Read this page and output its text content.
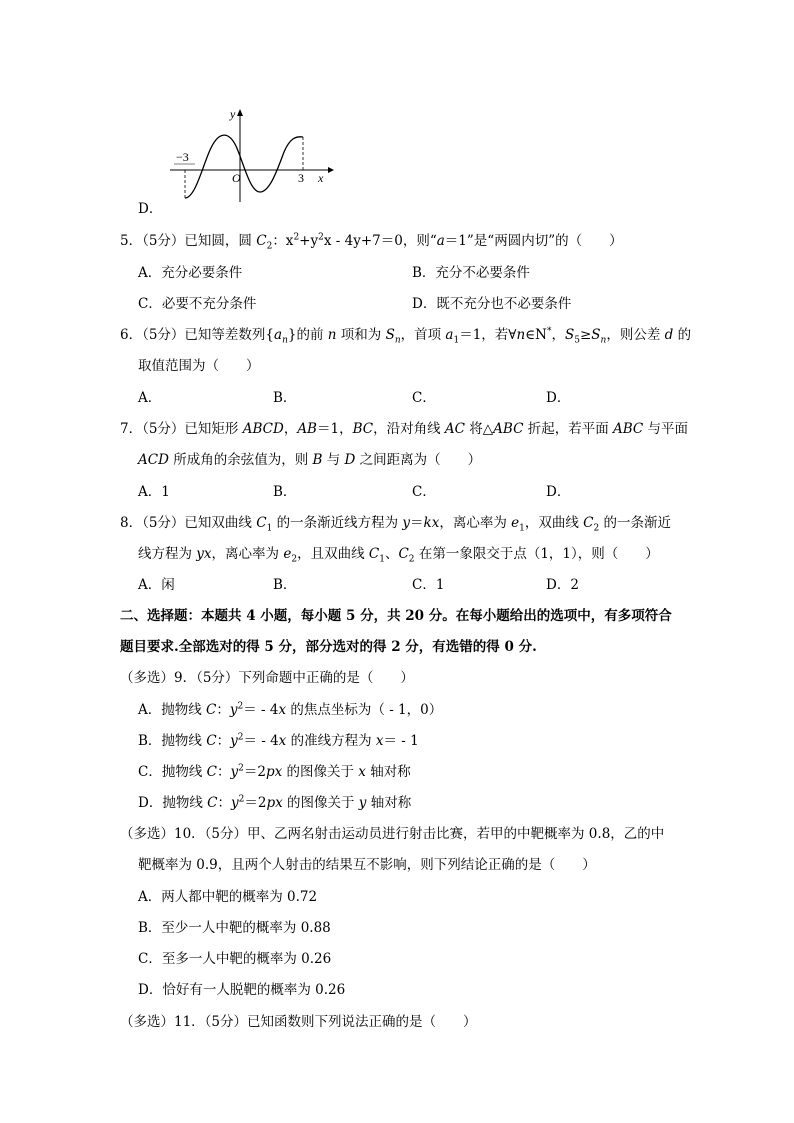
−3
O	3 x
y
D．
5．（5分）已知圆，圆 $C_2$：$x^2+y^2x - 4y+7=0$，则“a＝1”是“两圆内切”的（　　）
A．充分必要条件	B．充分不必要条件
C．必要不充分条件	D．既不充分也不必要条件
6．（5分）已知等差数列$\{a_n\}$的前 n 项和为 $S_n$，首项 $a_1=1$，若∀n∈N*，$S_5\ge S_n$，则公差 d 的
取值范围为（　　）
A．	B．	C．	D．
7．（5分）已知矩形 ABCD，AB＝1，BC，沿对角线 AC 将△ABC 折起，若平面 ABC 与平面
ACD 所成角的余弦值为，则 B 与 D 之间距离为（　　）
A．1	B．	C．	D．
8．（5分）已知双曲线 $C_1$ 的一条渐近线方程为 y＝kx，离心率为 $e_1$，双曲线 $C_2$ 的一条渐近
线方程为 yx，离心率为 $e_2$，且双曲线 $C_1$、$C_2$ 在第一象限交于点（1，1），则（　　）
A．闲	B．	C．1	D．2
二、选择题：本题共 4 小题，每小题 5 分，共 20 分。在每小题给出的选项中，有多项符合
题目要求.全部选对的得 5 分，部分选对的得 2 分，有选错的得 0 分.
（多选）9．（5分）下列命题中正确的是（　　）
A．抛物线 C：$y^2= - 4x$ 的焦点坐标为（ - 1，0）
B．抛物线 C：$y^2= - 4x$ 的准线方程为 x＝ - 1
C．抛物线 C：$y^2=2px$ 的图像关于 x 轴对称
D．抛物线 C：$y^2=2px$ 的图像关于 y 轴对称
（多选）10．（5分）甲、乙两名射击运动员进行射击比赛，若甲的中靶概率为 0.8，乙的中
靶概率为 0.9，且两个人射击的结果互不影响，则下列结论正确的是（　　）
A．两人都中靶的概率为 0.72
B．至少一人中靶的概率为 0.88
C．至多一人中靶的概率为 0.26
D．恰好有一人脱靶的概率为 0.26
（多选）11．（5分）已知函数则下列说法正确的是（　　）
